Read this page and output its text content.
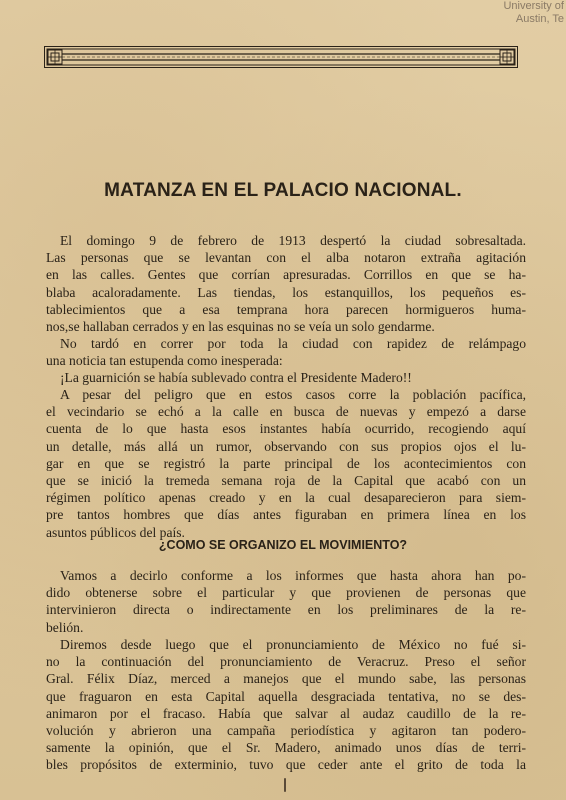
University of
Austin, Te
MATANZA EN EL PALACIO NACIONAL.
El domingo 9 de febrero de 1913 despertó la ciudad sobresaltada.
Las personas que se levantan con el alba notaron extraña agitación
en las calles. Gentes que corrían apresuradas. Corrillos en que se ha-
blaba acaloradamente. Las tiendas, los estanquillos, los pequeños es-
tablecimientos que a esa temprana hora parecen hormigueros huma-
nos,se hallaban cerrados y en las esquinas no se veía un solo gendarme.
No tardó en correr por toda la ciudad con rapidez de relámpago
una noticia tan estupenda como inesperada:
¡La guarnición se había sublevado contra el Presidente Madero!!
A pesar del peligro que en estos casos corre la población pacífica,
el vecindario se echó a la calle en busca de nuevas y empezó a darse
cuenta de lo que hasta esos instantes había ocurrido, recogiendo aquí
un detalle, más allá un rumor, observando con sus propios ojos el lu-
gar en que se registró la parte principal de los acontecimientos con
que se inició la tremeda semana roja de la Capital que acabó con un
régimen político apenas creado y en la cual desaparecieron para siem-
pre tantos hombres que días antes figuraban en primera línea en los
asuntos públicos del país.
¿COMO SE ORGANIZO EL MOVIMIENTO?
Vamos a decirlo conforme a los informes que hasta ahora han po-
dido obtenerse sobre el particular y que provienen de personas que
intervinieron directa o indirectamente en los preliminares de la re-
belión.
Diremos desde luego que el pronunciamiento de México no fué si-
no la continuación del pronunciamiento de Veracruz. Preso el señor
Gral. Félix Díaz, merced a manejos que el mundo sabe, las personas
que fraguaron en esta Capital aquella desgraciada tentativa, no se des-
animaron por el fracaso. Había que salvar al audaz caudillo de la re-
volución y abrieron una campaña periodística y agitaron tan podero-
samente la opinión, que el Sr. Madero, animado unos días de terri-
bles propósitos de exterminio, tuvo que ceder ante el grito de toda la
